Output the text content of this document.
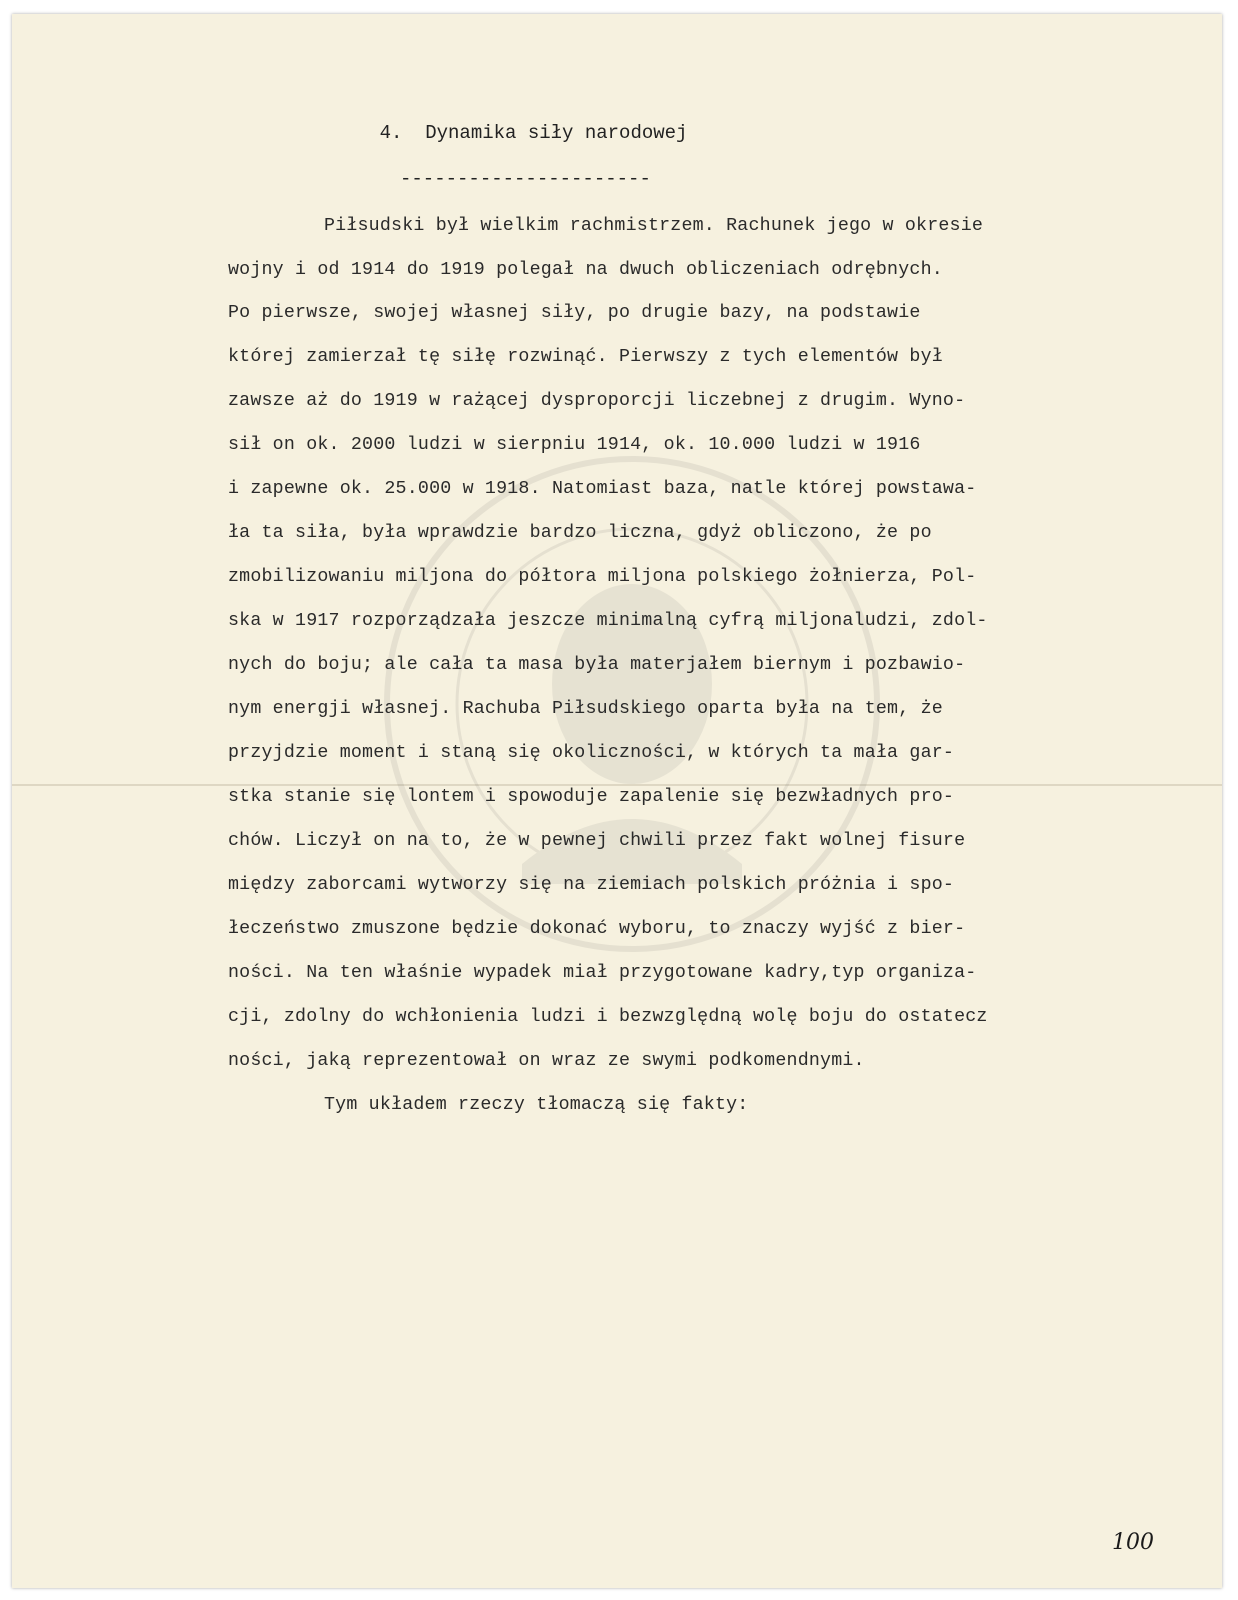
4.  Dynamika siły narodowej

----------------------

Piłsudski był wielkim rachmistrzem. Rachunek jego w okresie
wojny i od 1914 do 1919 polegał na dwuch obliczeniach odrębnych.
Po pierwsze, swojej własnej siły, po drugie bazy, na podstawie
której zamierzał tę siłę rozwinąć. Pierwszy z tych elementów był
zawsze aż do 1919 w rażącej dysproporcji liczebnej z drugim. Wyno-
sił on ok. 2000 ludzi w sierpniu 1914, ok. 10.000 ludzi w 1916
i zapewne ok. 25.000 w 1918. Natomiast baza, natle której powstawa-
ła ta siła, była wprawdzie bardzo liczna, gdyż obliczono, że po
zmobilizowaniu miljona do półtora miljona polskiego żołnierza, Pol-
ska w 1917 rozporządzała jeszcze minimalną cyfrą miljonaludzi, zdol-
nych do boju; ale cała ta masa była materjałem biernym i pozbawio-
nym energji własnej. Rachuba Piłsudskiego oparta była na tem, że
przyjdzie moment i staną się okoliczności, w których ta mała gar-
stka stanie się lontem i spowoduje zapalenie się bezwładnych pro-
chów. Liczył on na to, że w pewnej chwili przez fakt wolnej fisure
między zaborcami wytworzy się na ziemiach polskich próżnia i spo-
łeczeństwo zmuszone będzie dokonać wyboru, to znaczy wyjść z bier-
ności. Na ten właśnie wypadek miał przygotowane kadry,typ organiza-
cji, zdolny do wchłonienia ludzi i bezwzględną wolę boju do ostatecz
ności, jaką reprezentował on wraz ze swymi podkomendnymi.
Tym układem rzeczy tłomaczą się fakty:
100
